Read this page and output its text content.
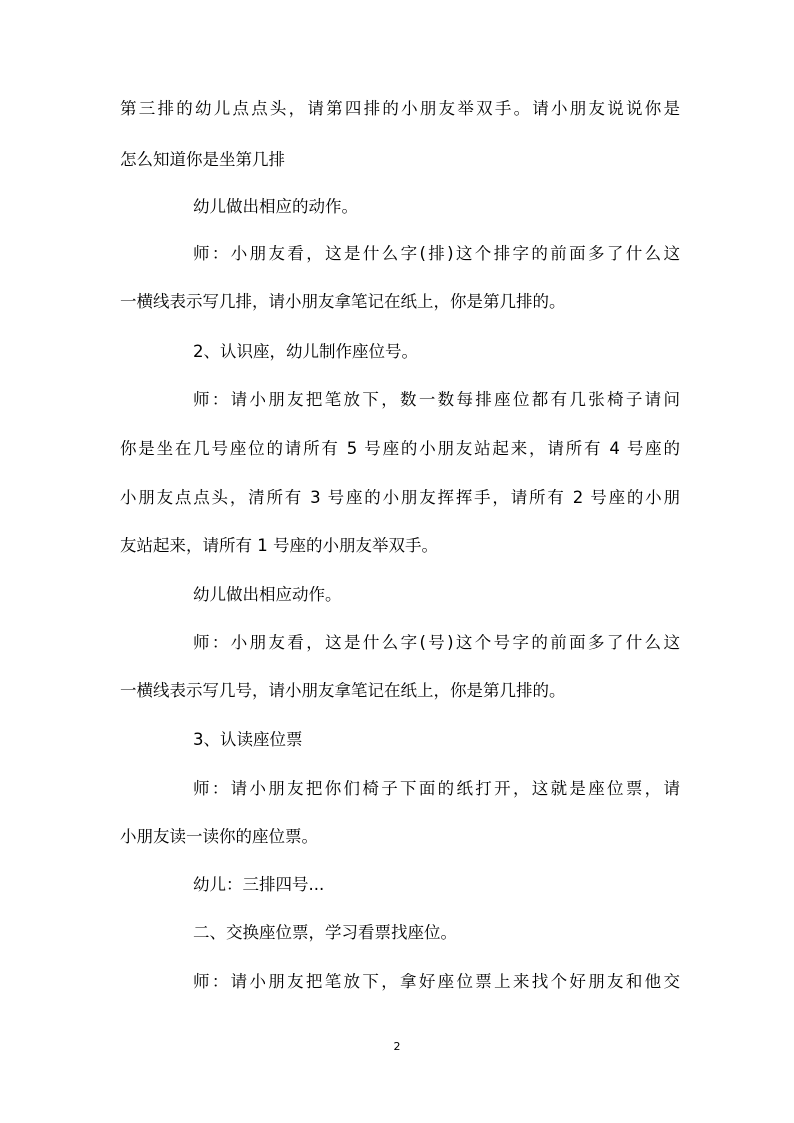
第三排的幼儿点点头，请第四排的小朋友举双手。请小朋友说说你是
怎么知道你是坐第几排
幼儿做出相应的动作。
师：小朋友看，这是什么字(排)这个排字的前面多了什么这
一横线表示写几排，请小朋友拿笔记在纸上，你是第几排的。
2、认识座，幼儿制作座位号。
师：请小朋友把笔放下，数一数每排座位都有几张椅子请问
你是坐在几号座位的请所有 5 号座的小朋友站起来，请所有 4 号座的
小朋友点点头，清所有 3 号座的小朋友挥挥手，请所有 2 号座的小朋
友站起来，请所有 1 号座的小朋友举双手。
幼儿做出相应动作。
师：小朋友看，这是什么字(号)这个号字的前面多了什么这
一横线表示写几号，请小朋友拿笔记在纸上，你是第几排的。
3、认读座位票
师：请小朋友把你们椅子下面的纸打开，这就是座位票，请
小朋友读一读你的座位票。
幼儿：三排四号...
二、交换座位票，学习看票找座位。
师：请小朋友把笔放下，拿好座位票上来找个好朋友和他交
2
